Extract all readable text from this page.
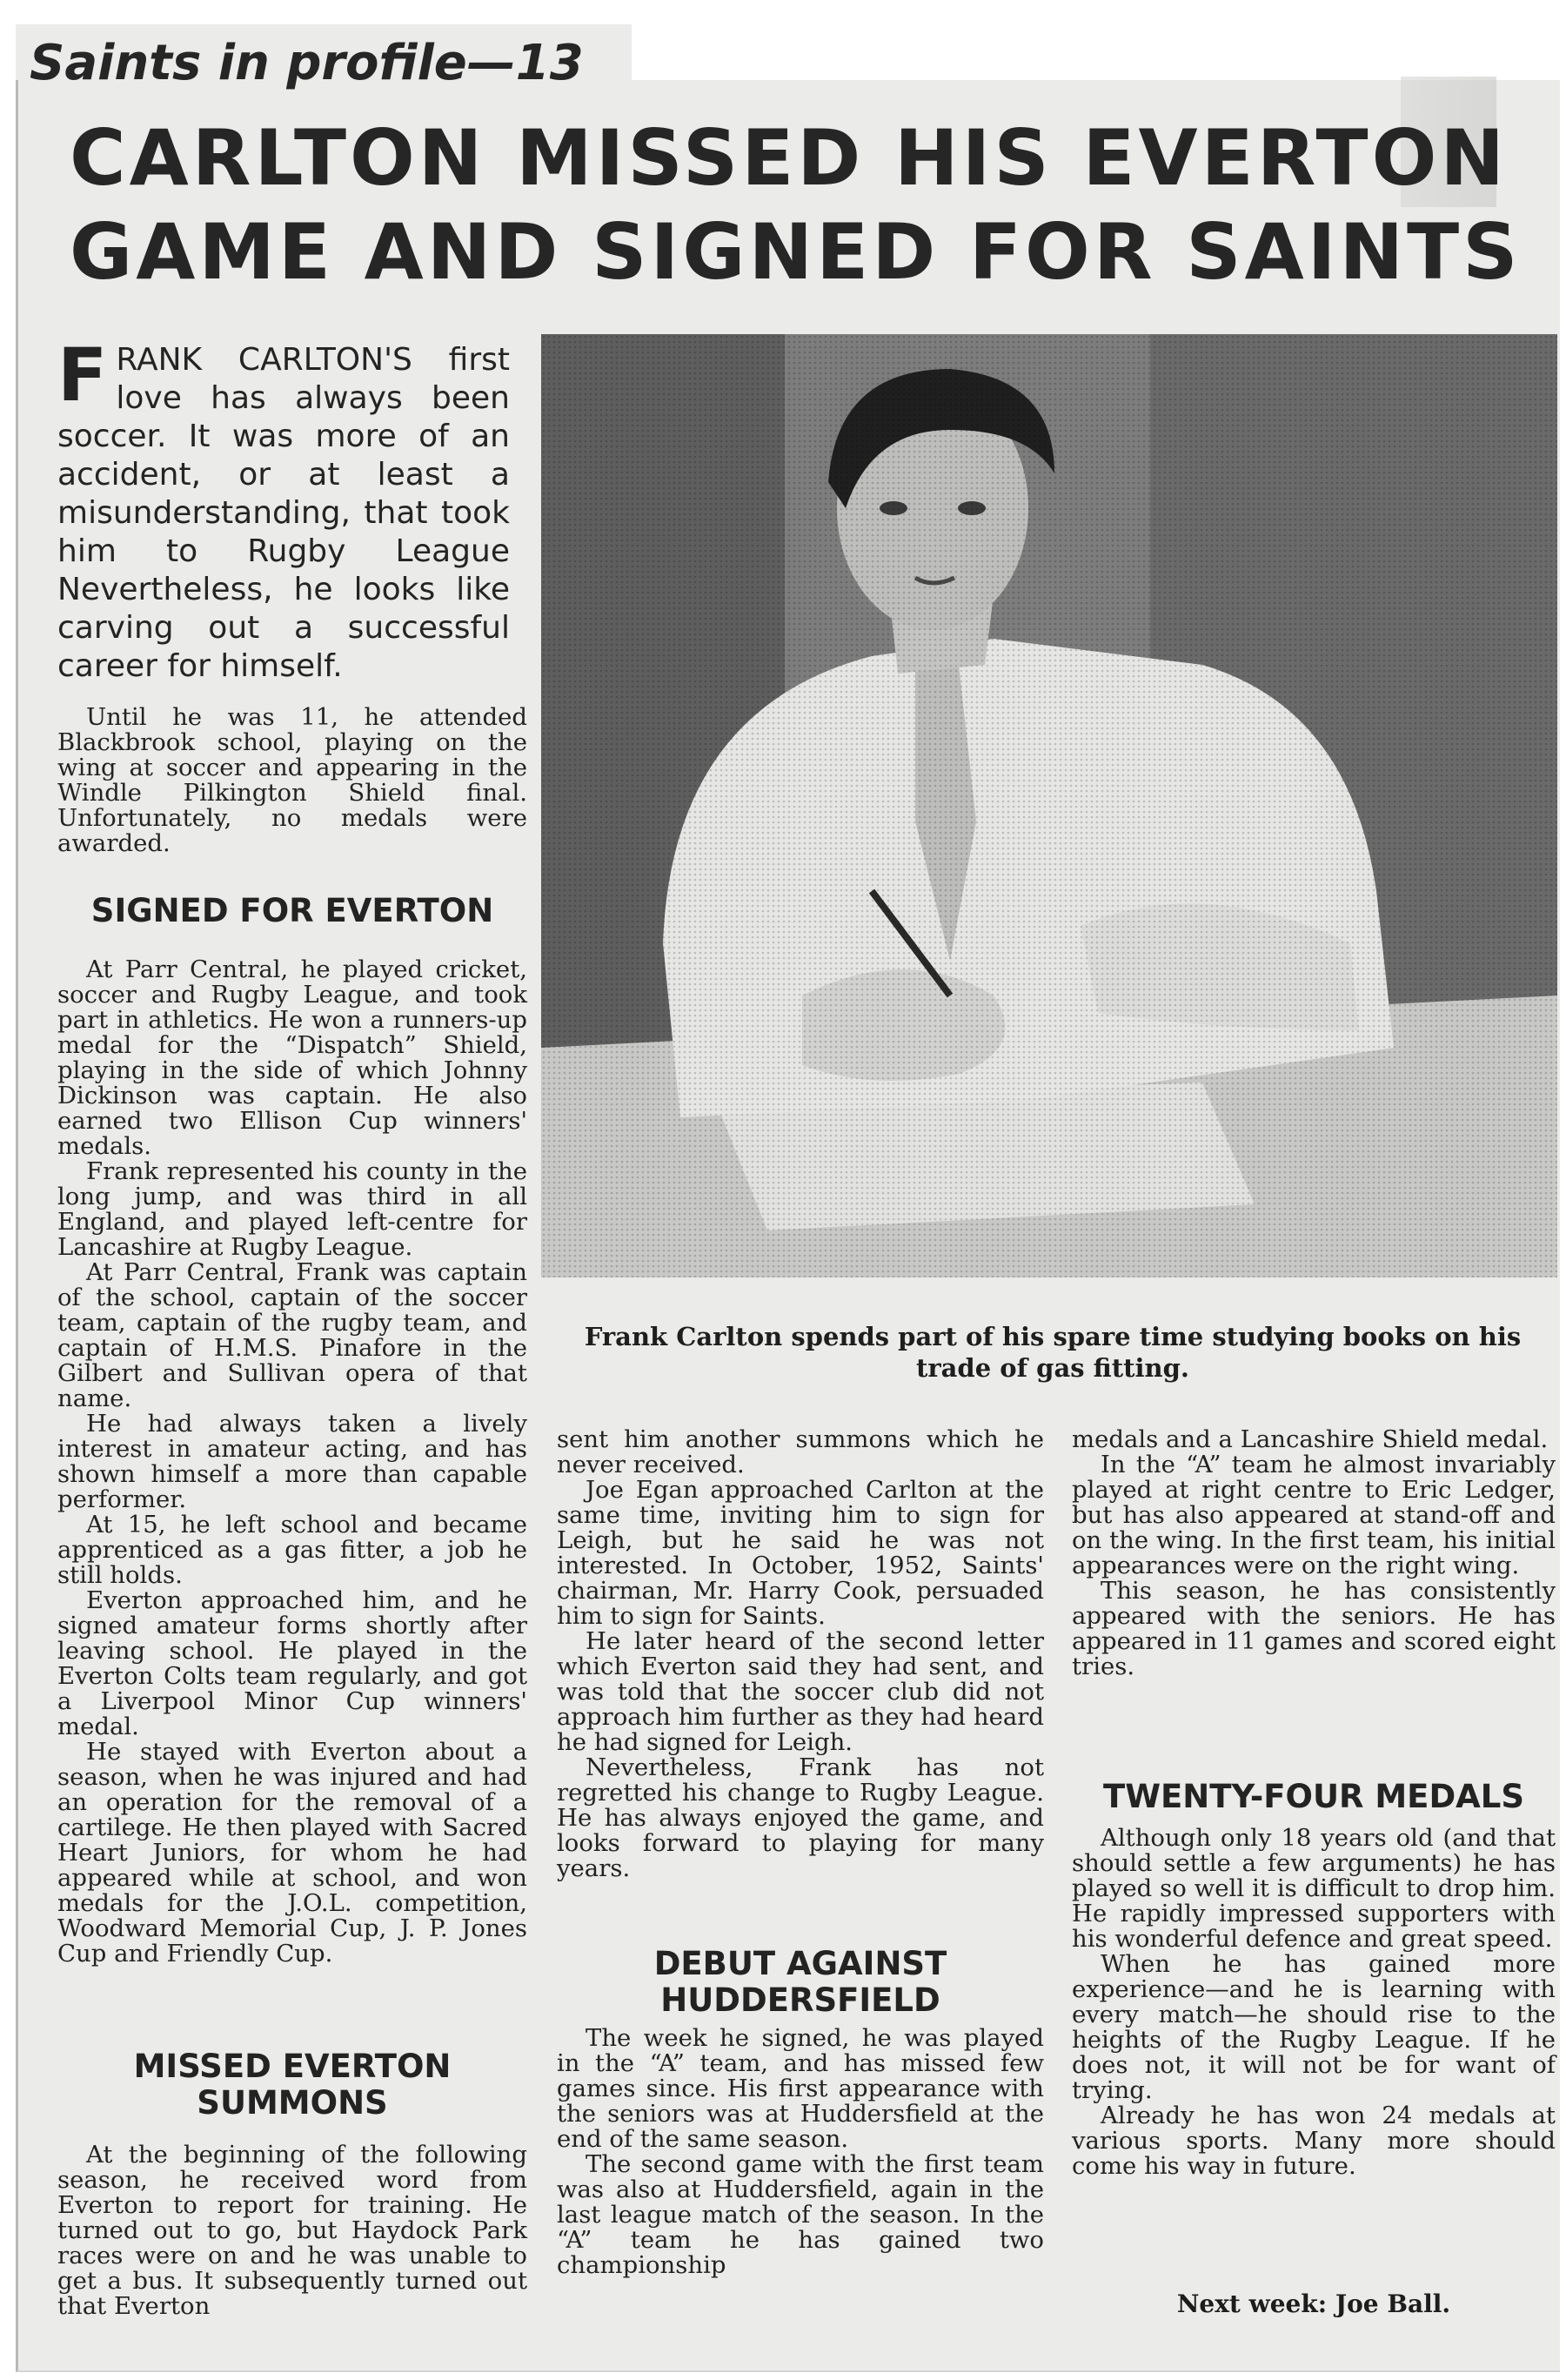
Saints in profile—13
CARLTON MISSED HIS EVERTON
GAME AND SIGNED FOR SAINTS
F RANK CARLTON'S first love has always been soccer. It was more of an accident, or at least a misunderstanding, that took him to Rugby League Nevertheless, he looks like carving out a successful career for himself.
Frank Carlton spends part of his spare time studying books on his trade of gas fitting.

Until he was 11, he attended Blackbrook school, playing on the wing at soccer and appearing in the Windle Pilkington Shield final. Unfortunately, no medals were awarded.

SIGNED FOR EVERTON

At Parr Central, he played cricket, soccer and Rugby League, and took part in athletics. He won a runners-up medal for the “Dispatch” Shield, playing in the side of which Johnny Dickinson was captain. He also earned two Ellison Cup winners' medals.

Frank represented his county in the long jump, and was third in all England, and played left-centre for Lancashire at Rugby League.

At Parr Central, Frank was captain of the school, captain of the soccer team, captain of the rugby team, and captain of H.M.S. Pinafore in the Gilbert and Sullivan opera of that name.

He had always taken a lively interest in amateur acting, and has shown himself a more than capable performer.

At 15, he left school and became apprenticed as a gas fitter, a job he still holds.

Everton approached him, and he signed amateur forms shortly after leaving school. He played in the Everton Colts team regularly, and got a Liverpool Minor Cup winners' medal.

He stayed with Everton about a season, when he was injured and had an operation for the removal of a cartilege. He then played with Sacred Heart Juniors, for whom he had appeared while at school, and won medals for the J.O.L. competition, Woodward Memorial Cup, J. P. Jones Cup and Friendly Cup.

MISSED EVERTON SUMMONS

At the beginning of the following season, he received word from Everton to report for training. He turned out to go, but Haydock Park races were on and he was unable to get a bus. It subsequently turned out that Everton

sent him another summons which he never received.

Joe Egan approached Carlton at the same time, inviting him to sign for Leigh, but he said he was not interested. In October, 1952, Saints' chairman, Mr. Harry Cook, persuaded him to sign for Saints.

He later heard of the second letter which Everton said they had sent, and was told that the soccer club did not approach him further as they had heard he had signed for Leigh.

Nevertheless, Frank has not regretted his change to Rugby League. He has always enjoyed the game, and looks forward to playing for many years.

DEBUT AGAINST HUDDERSFIELD

The week he signed, he was played in the “A” team, and has missed few games since. His first appearance with the seniors was at Huddersfield at the end of the same season.

The second game with the first team was also at Huddersfield, again in the last league match of the season. In the “A” team he has gained two championship

medals and a Lancashire Shield medal.

In the “A” team he almost invariably played at right centre to Eric Ledger, but has also appeared at stand-off and on the wing. In the first team, his initial appearances were on the right wing.

This season, he has consistently appeared with the seniors. He has appeared in 11 games and scored eight tries.

TWENTY-FOUR MEDALS

Although only 18 years old (and that should settle a few arguments) he has played so well it is difficult to drop him. He rapidly impressed supporters with his wonderful defence and great speed.

When he has gained more experience—and he is learning with every match—he should rise to the heights of the Rugby League. If he does not, it will not be for want of trying.

Already he has won 24 medals at various sports. Many more should come his way in future.

Next week: Joe Ball.
